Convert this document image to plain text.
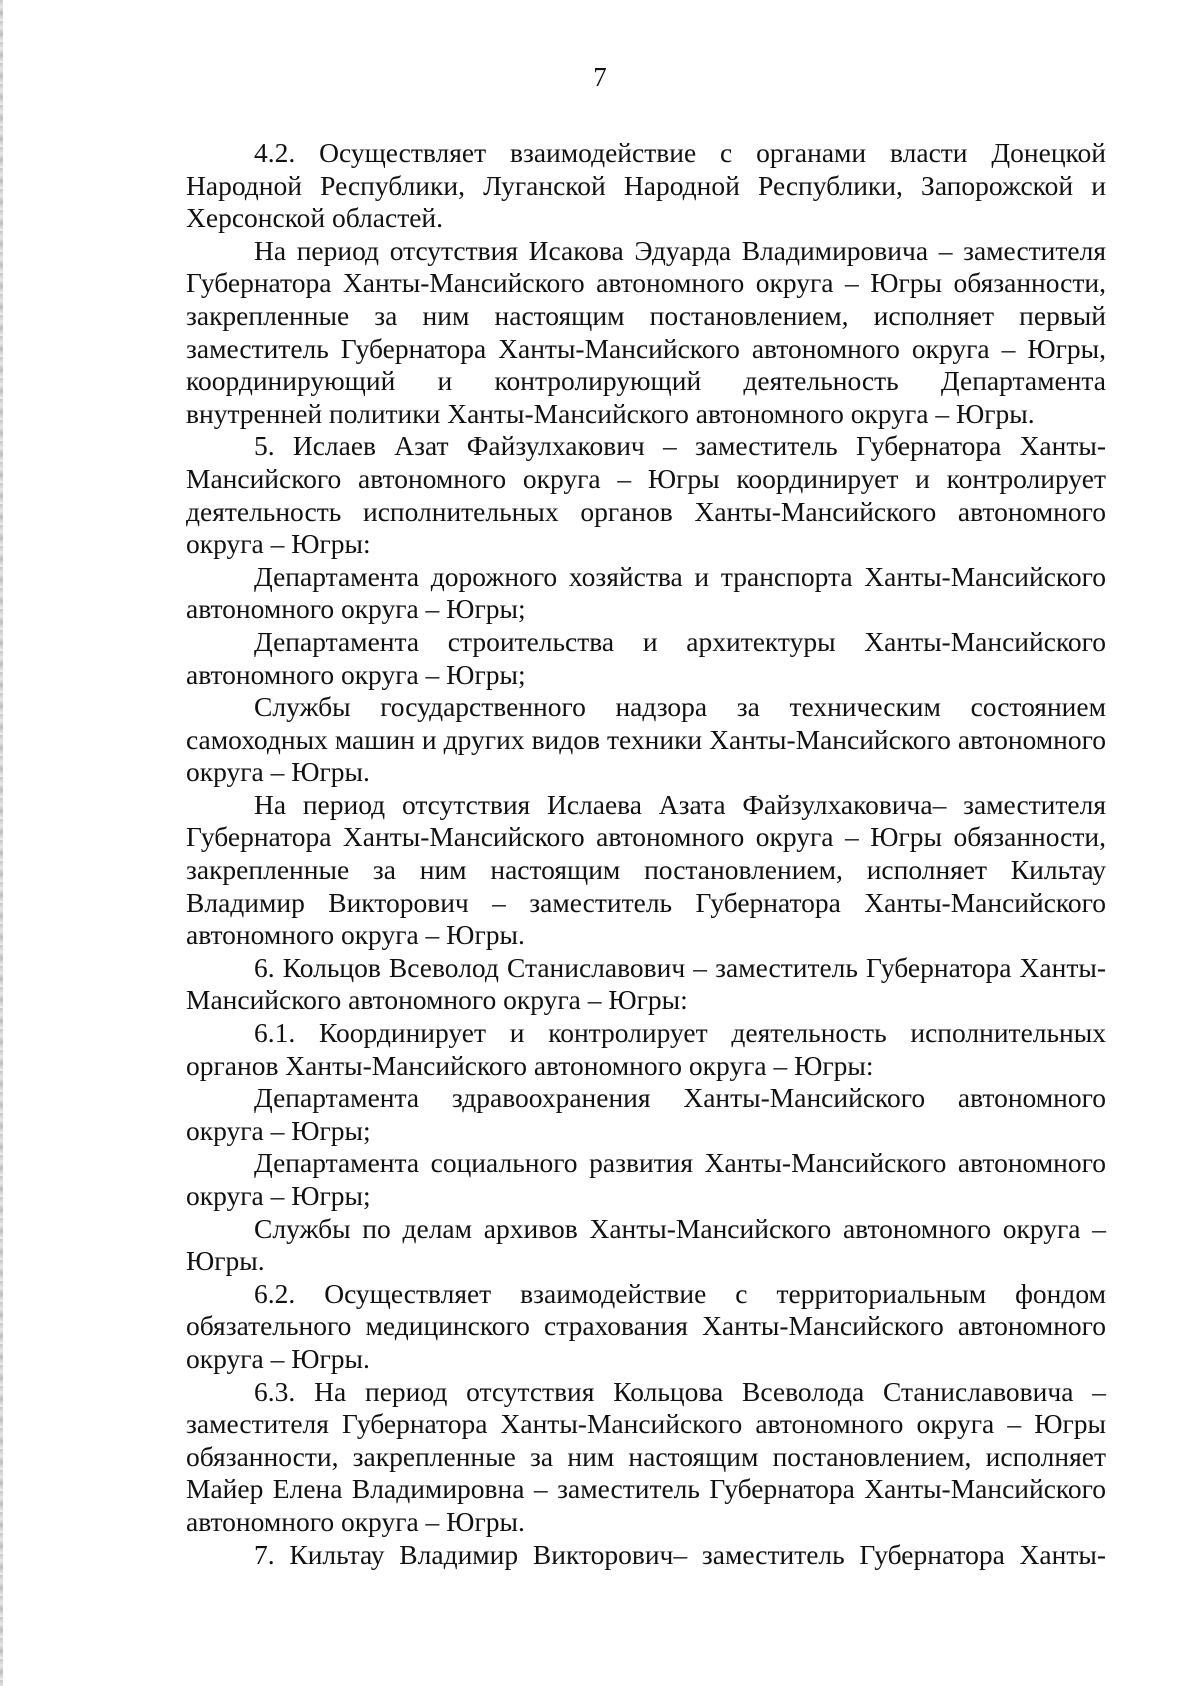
7

4.2. Осуществляет взаимодействие с органами власти Донецкой Народной Республики, Луганской Народной Республики, Запорожской и Херсонской областей.

На период отсутствия Исакова Эдуарда Владимировича – заместителя Губернатора Ханты-Мансийского автономного округа – Югры обязанности, закрепленные за ним настоящим постановлением, исполняет первый заместитель Губернатора Ханты-Мансийского автономного округа – Югры, координирующий и контролирующий деятельность Департамента внутренней политики Ханты-Мансийского автономного округа – Югры.

5. Ислаев Азат Файзулхакович – заместитель Губернатора Ханты-Мансийского автономного округа – Югры координирует и контролирует деятельность исполнительных органов Ханты-Мансийского автономного округа – Югры:

Департамента дорожного хозяйства и транспорта Ханты-Мансийского автономного округа – Югры;

Департамента строительства и архитектуры Ханты-Мансийского автономного округа – Югры;

Службы государственного надзора за техническим состоянием самоходных машин и других видов техники Ханты-Мансийского автономного округа – Югры.

На период отсутствия Ислаева Азата Файзулхаковича– заместителя Губернатора Ханты-Мансийского автономного округа – Югры обязанности, закрепленные за ним настоящим постановлением, исполняет Кильтау Владимир Викторович – заместитель Губернатора Ханты-Мансийского автономного округа – Югры.

6. Кольцов Всеволод Станиславович – заместитель Губернатора Ханты-Мансийского автономного округа – Югры:

6.1. Координирует и контролирует деятельность исполнительных органов Ханты-Мансийского автономного округа – Югры:

Департамента здравоохранения Ханты-Мансийского автономного округа – Югры;

Департамента социального развития Ханты-Мансийского автономного округа – Югры;

Службы по делам архивов Ханты-Мансийского автономного округа – Югры.

6.2. Осуществляет взаимодействие с территориальным фондом обязательного медицинского страхования Ханты-Мансийского автономного округа – Югры.

6.3. На период отсутствия Кольцова Всеволода Станиславовича – заместителя Губернатора Ханты-Мансийского автономного округа – Югры обязанности, закрепленные за ним настоящим постановлением, исполняет Майер Елена Владимировна – заместитель Губернатора Ханты-Мансийского автономного округа – Югры.

7. Кильтау Владимир Викторович– заместитель Губернатора Ханты-
